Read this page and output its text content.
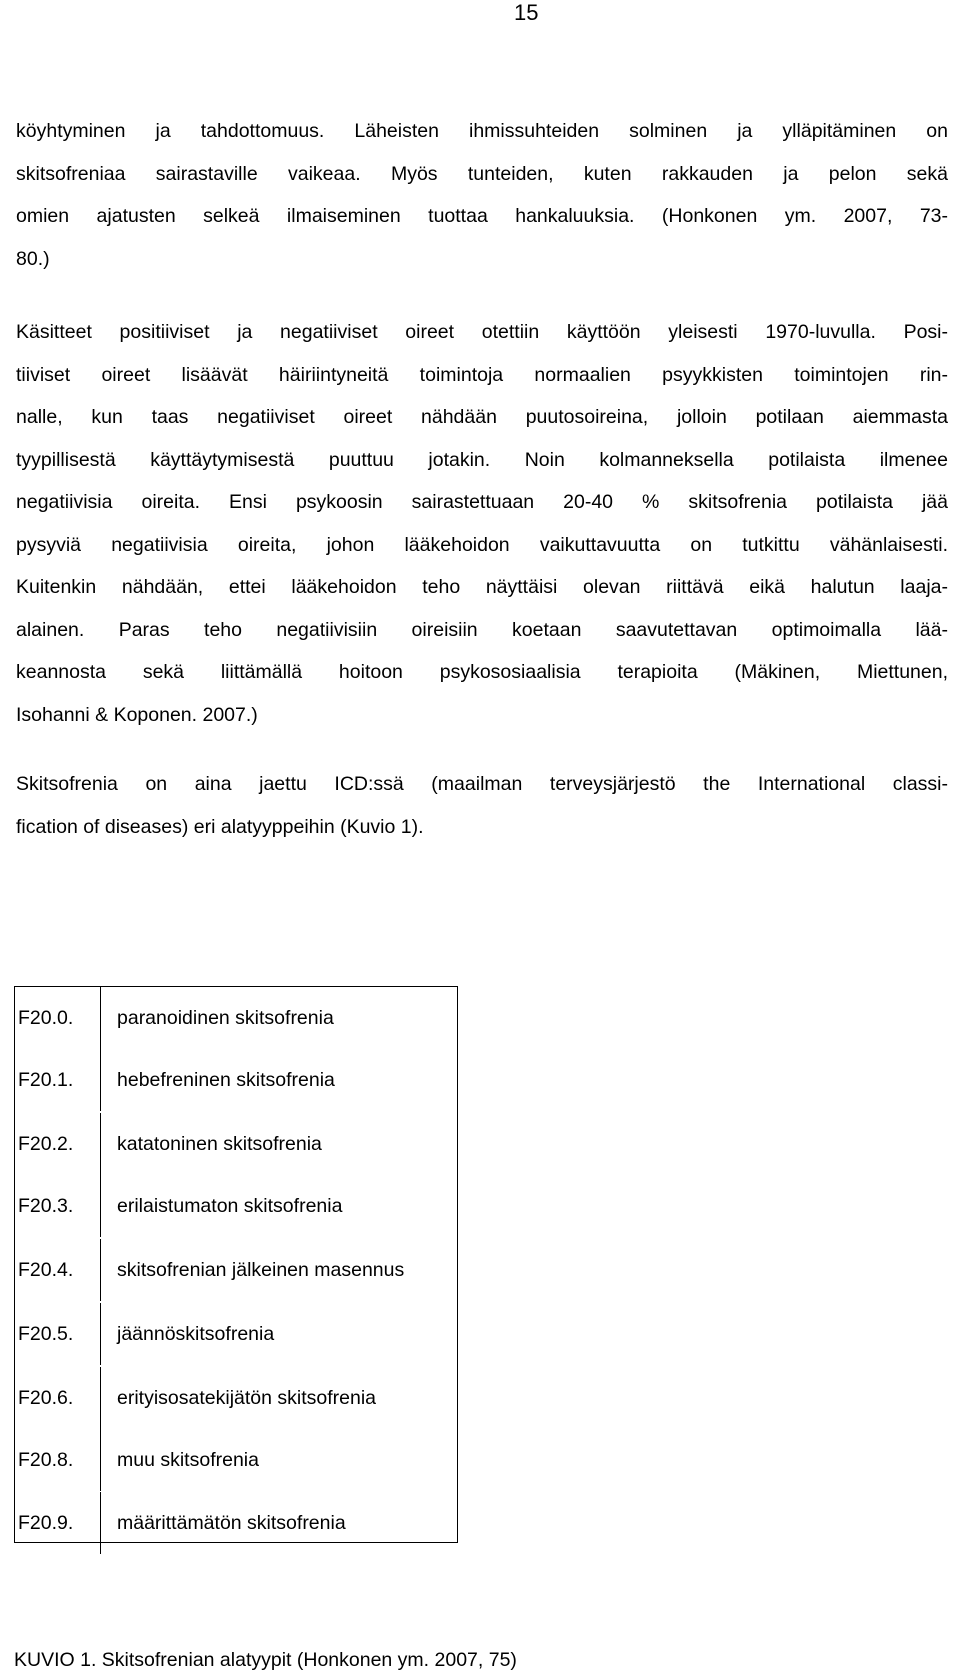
15

köyhtyminen ja tahdottomuus. Läheisten ihmissuhteiden solminen ja ylläpitäminen on
skitsofreniaa sairastaville vaikeaa. Myös tunteiden, kuten rakkauden ja pelon sekä
omien ajatusten selkeä ilmaiseminen tuottaa hankaluuksia. (Honkonen ym. 2007, 73-
80.)

Käsitteet positiiviset ja negatiiviset oireet otettiin käyttöön yleisesti 1970-luvulla. Posi-
tiiviset oireet lisäävät häiriintyneitä toimintoja normaalien psyykkisten toimintojen rin-
nalle, kun taas negatiiviset oireet nähdään puutosoireina, jolloin potilaan aiemmasta
tyypillisestä käyttäytymisestä puuttuu jotakin. Noin kolmanneksella potilaista ilmenee
negatiivisia oireita. Ensi psykoosin sairastettuaan 20-40 % skitsofrenia potilaista jää
pysyviä negatiivisia oireita, johon lääkehoidon vaikuttavuutta on tutkittu vähänlaisesti.
Kuitenkin nähdään, ettei lääkehoidon teho näyttäisi olevan riittävä eikä halutun laaja-
alainen. Paras teho negatiivisiin oireisiin koetaan saavutettavan optimoimalla lää-
keannosta sekä liittämällä hoitoon psykososiaalisia terapioita (Mäkinen, Miettunen,
Isohanni & Koponen. 2007.)

Skitsofrenia on aina jaettu ICD:ssä (maailman terveysjärjestö the International classi-
fication of diseases) eri alatyyppeihin (Kuvio 1).

F20.0.	paranoidinen skitsofrenia
F20.1.	hebefreninen skitsofrenia
F20.2.	katatoninen skitsofrenia
F20.3.	erilaistumaton skitsofrenia
F20.4.	skitsofrenian jälkeinen masennus
F20.5.	jäännöskitsofrenia
F20.6.	erityisosatekijätön skitsofrenia
F20.8.	muu skitsofrenia
F20.9.	määrittämätön skitsofrenia
KUVIO 1. Skitsofrenian alatyypit (Honkonen ym. 2007, 75)
